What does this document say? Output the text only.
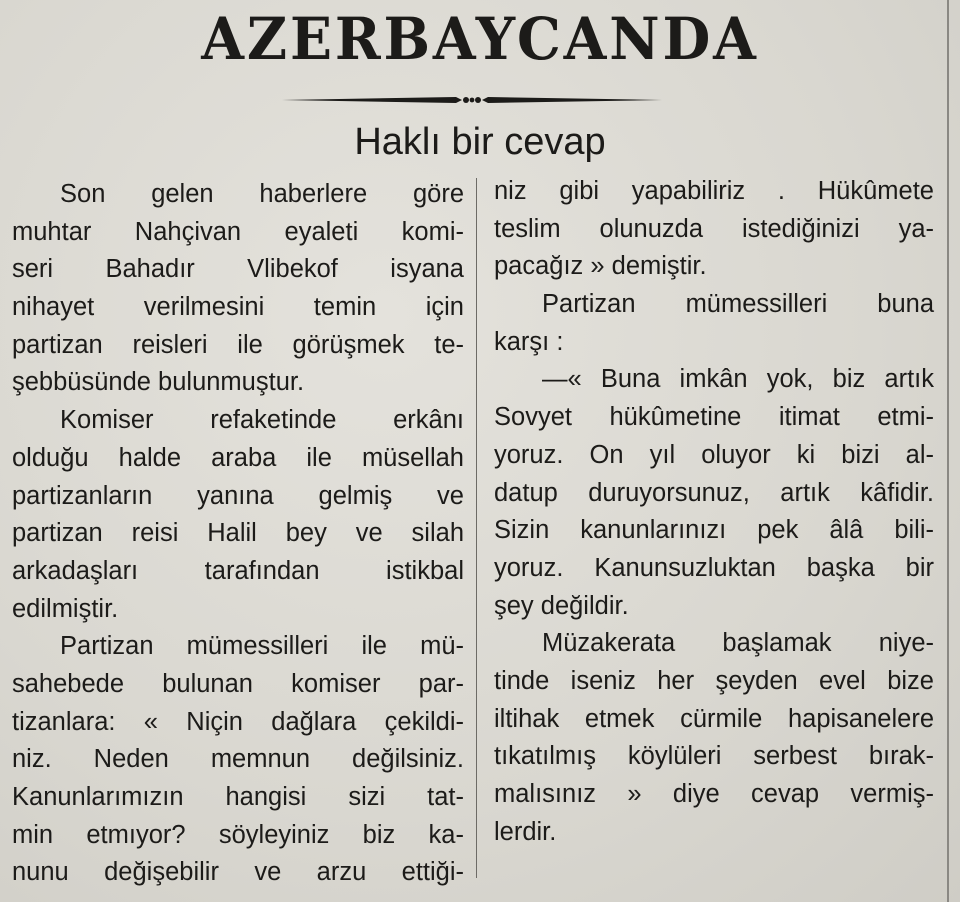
AZERBAYCANDA
Haklı bir cevap
Son gelen haberlere göre
muhtar Nahçivan eyaleti komi-
seri Bahadır Vlibekof isyana
nihayet verilmesini temin için
partizan reisleri ile görüşmek te-
şebbüsünde bulunmuştur.
Komiser refaketinde erkânı
olduğu halde araba ile müsellah
partizanların yanına gelmiş ve
partizan reisi Halil bey ve silah
arkadaşları tarafından istikbal
edilmiştir.
Partizan mümessilleri ile mü-
sahebede bulunan komiser par-
tizanlara: « Niçin dağlara çekildi-
niz. Neden memnun değilsiniz.
Kanunlarımızın hangisi sizi tat-
min etmıyor? söyleyiniz biz ka-
nunu değişebilir ve arzu ettiği-
niz gibi yapabiliriz . Hükûmete
teslim olunuzda istediğinizi ya-
pacağız » demiştir.
Partizan mümessilleri buna
karşı :
—« Buna imkân yok, biz artık
Sovyet hükûmetine itimat etmi-
yoruz. On yıl oluyor ki bizi al-
datup duruyorsunuz, artık kâfidir.
Sizin kanunlarınızı pek âlâ bili-
yoruz. Kanunsuzluktan başka bir
şey değildir.
Müzakerata başlamak niye-
tinde iseniz her şeyden evel bize
iltihak etmek cürmile hapisanelere
tıkatılmış köylüleri serbest bırak-
malısınız » diye cevap vermiş-
lerdir.
